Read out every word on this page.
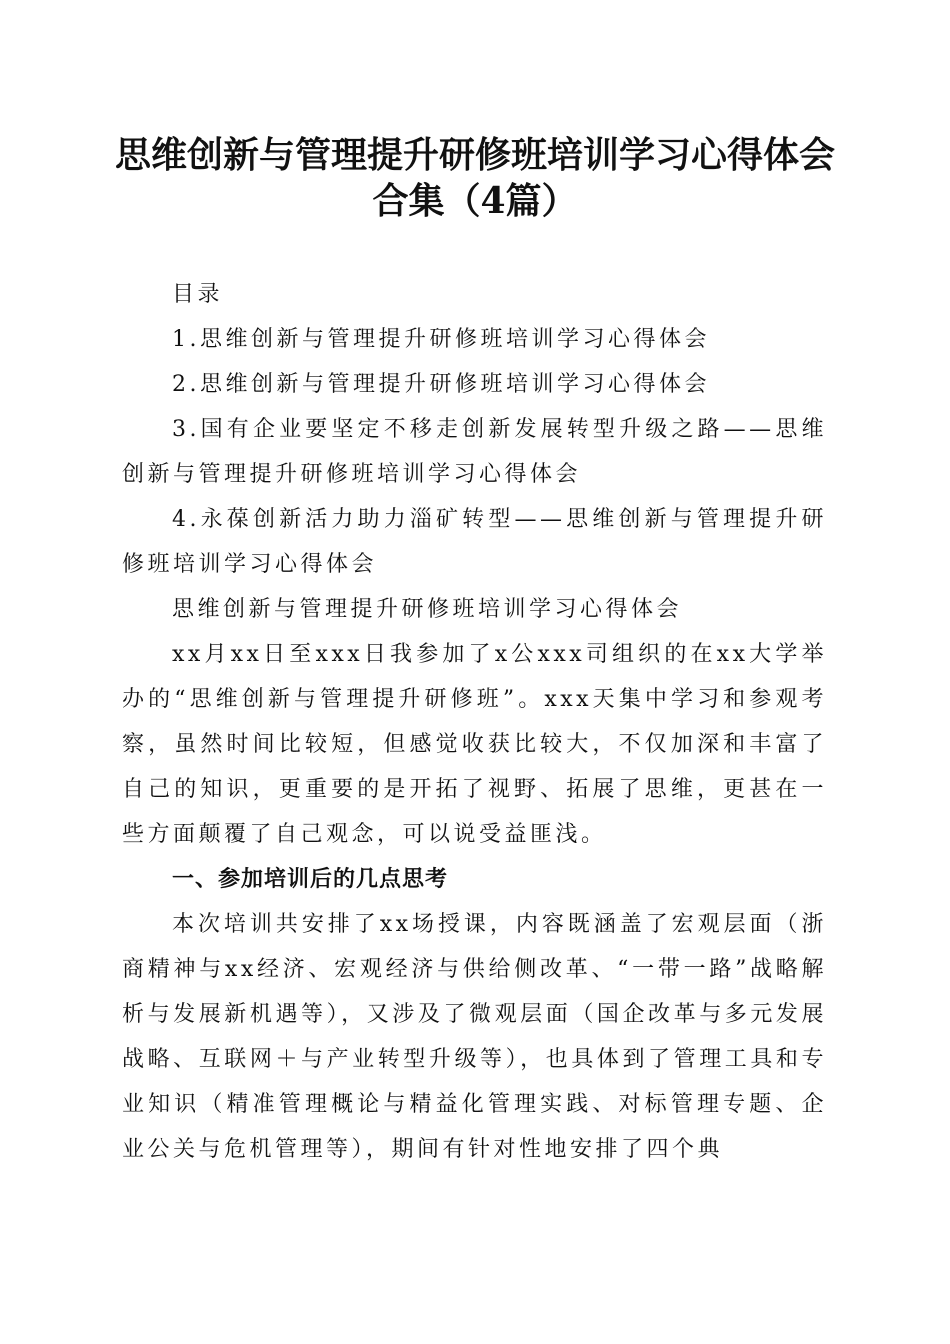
思维创新与管理提升研修班培训学习心得体会
合集（4篇）

目录

1.思维创新与管理提升研修班培训学习心得体会

2.思维创新与管理提升研修班培训学习心得体会

3.国有企业要坚定不移走创新发展转型升级之路——思维创新与管理提升研修班培训学习心得体会

4.永葆创新活力助力淄矿转型——思维创新与管理提升研修班培训学习心得体会

思维创新与管理提升研修班培训学习心得体会

xx月xx日至xxx日我参加了x公xxx司组织的在xx大学举办的“思维创新与管理提升研修班”。xxx天集中学习和参观考察，虽然时间比较短，但感觉收获比较大，不仅加深和丰富了自己的知识，更重要的是开拓了视野、拓展了思维，更甚在一些方面颠覆了自己观念，可以说受益匪浅。

一、参加培训后的几点思考

本次培训共安排了xx场授课，内容既涵盖了宏观层面（浙商精神与xx经济、宏观经济与供给侧改革、“一带一路”战略解析与发展新机遇等），又涉及了微观层面（国企改革与多元发展战略、互联网＋与产业转型升级等），也具体到了管理工具和专业知识（精准管理概论与精益化管理实践、对标管理专题、企业公关与危机管理等），期间有针对性地安排了四个典
